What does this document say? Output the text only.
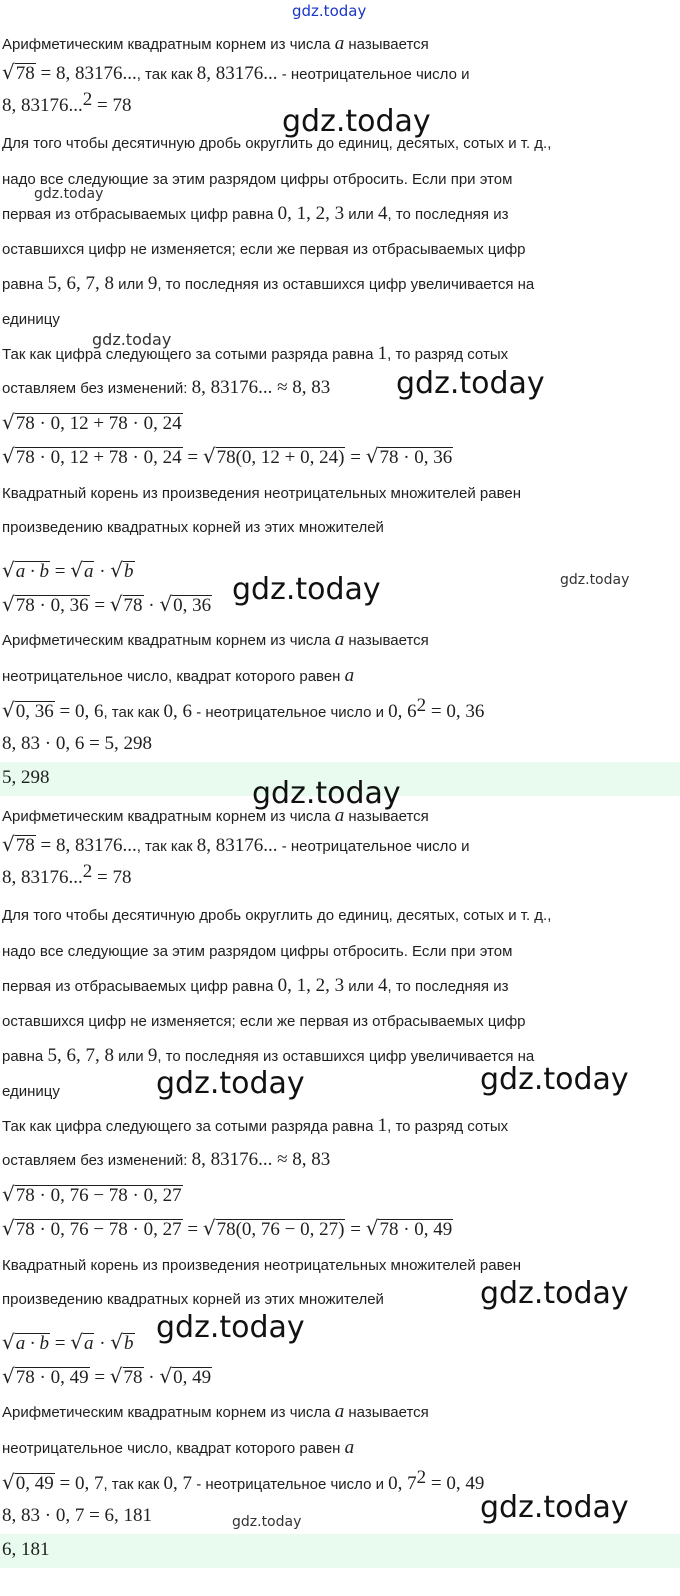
Арифметическим квадратным корнем из числа a называется
√ 78 = 8, 83176..., так как 8, 83176... - неотрицательное число и
8, 83176...$^2$ = 78
Для того чтобы десятичную дробь округлить до единиц, десятых, сотых и т. д.,
надо все следующие за этим разрядом цифры отбросить. Если при этом
первая из отбрасываемых цифр равна 0, 1, 2, 3 или 4, то последняя из
оставшихся цифр не изменяется; если же первая из отбрасываемых цифр
равна 5, 6, 7, 8 или 9, то последняя из оставшихся цифр увеличивается на
единицу
Так как цифра следующего за сотыми разряда равна 1, то разряд сотых
оставляем без изменений: 8, 83176... ≈ 8, 83
√ 78 · 0, 12 + 78 · 0, 24
√ 78 · 0, 12 + 78 · 0, 24 = √ 78(0, 12 + 0, 24) = √ 78 · 0, 36
Квадратный корень из произведения неотрицательных множителей равен
произведению квадратных корней из этих множителей
√ a · b = √ a · √ b
√ 78 · 0, 36 = √ 78 · √ 0, 36
Арифметическим квадратным корнем из числа a называется
неотрицательное число, квадрат которого равен a
√ 0, 36 = 0, 6, так как 0, 6 - неотрицательное число и 0, $6^2 = 0$, 36
8, 83 · 0, 6 = 5, 298
5, 298
Арифметическим квадратным корнем из числа a называется
√ 78 = 8, 83176..., так как 8, 83176... - неотрицательное число и
8, 83176...$^2$ = 78
Для того чтобы десятичную дробь округлить до единиц, десятых, сотых и т. д.,
надо все следующие за этим разрядом цифры отбросить. Если при этом
первая из отбрасываемых цифр равна 0, 1, 2, 3 или 4, то последняя из
оставшихся цифр не изменяется; если же первая из отбрасываемых цифр
равна 5, 6, 7, 8 или 9, то последняя из оставшихся цифр увеличивается на
единицу
Так как цифра следующего за сотыми разряда равна 1, то разряд сотых
оставляем без изменений: 8, 83176... ≈ 8, 83
√ 78 · 0, 76 − 78 · 0, 27
√ 78 · 0, 76 − 78 · 0, 27 = √ 78(0, 76 − 0, 27) = √ 78 · 0, 49
Квадратный корень из произведения неотрицательных множителей равен
произведению квадратных корней из этих множителей
√ a · b = √ a · √ b
√ 78 · 0, 49 = √ 78 · √ 0, 49
Арифметическим квадратным корнем из числа a называется
неотрицательное число, квадрат которого равен a
√ 0, 49 = 0, 7, так как 0, 7 - неотрицательное число и 0, $7^2 = 0$, 49
8, 83 · 0, 7 = 6, 181
6, 181
gdz.today
gdz.today
gdz.today
gdz.today
gdz.today
gdz.today	gdz.today
gdz.today
gdz.today	gdz.today
gdz.today
gdz.today
gdz.today
gdz.today
